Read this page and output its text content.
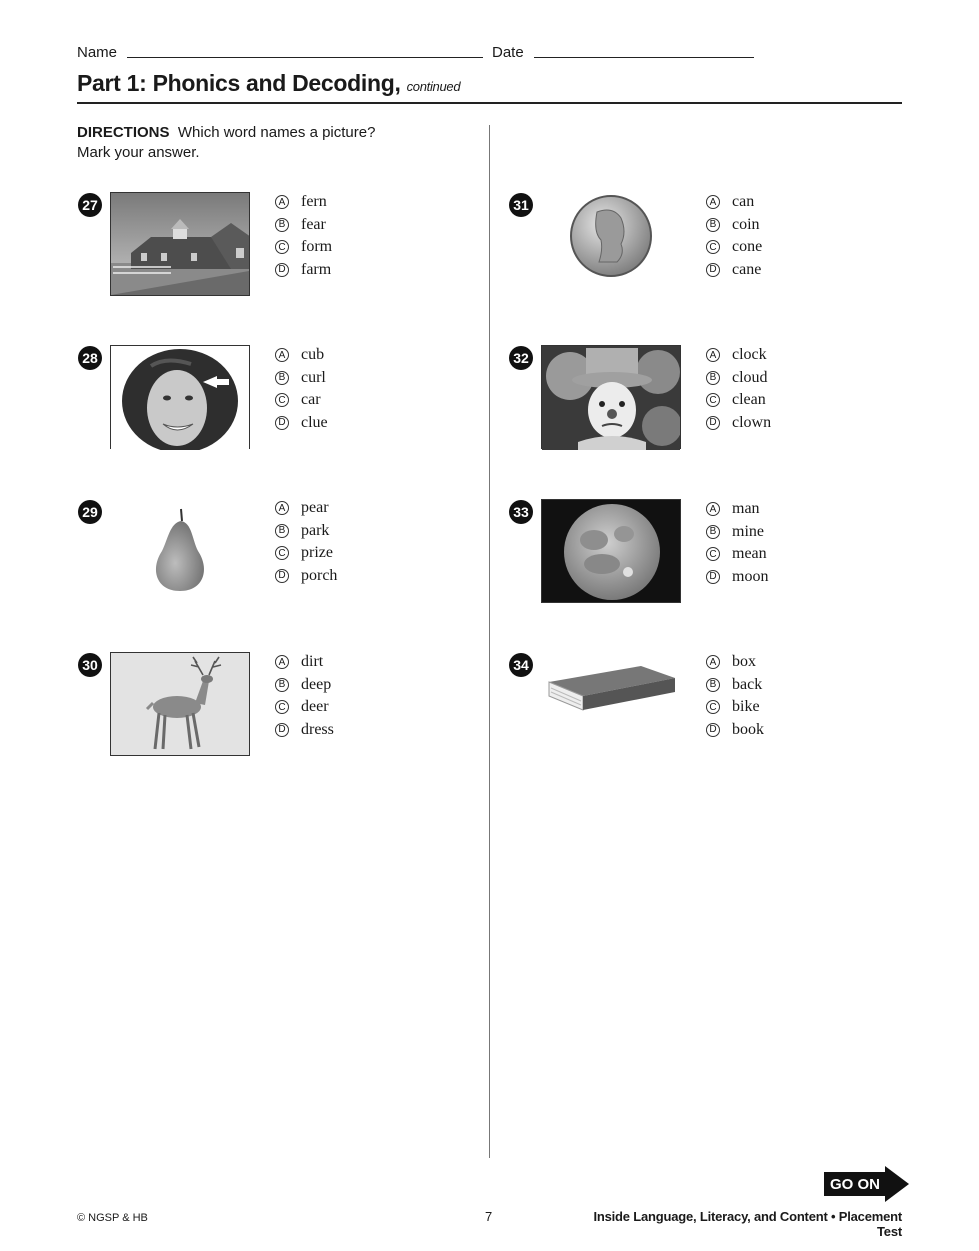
Name	Date
Part 1: Phonics and Decoding, continued
DIRECTIONS Which word names a picture?
Mark your answer.
27	A fern
B fear
C form
D farm
28	A cub
B curl
C car
D clue
29	A pear
B park
C prize
D porch
30	A dirt
B deep
C deer
D dress
31	A can
B coin
C cone
D cane
32	A clock
B cloud
C clean
D clown
33	A man
B mine
C mean
D moon
34	A box
B back
C bike
D book
GO ON
© NGSP & HB	7	Inside Language, Literacy, and Content • Placement Test
